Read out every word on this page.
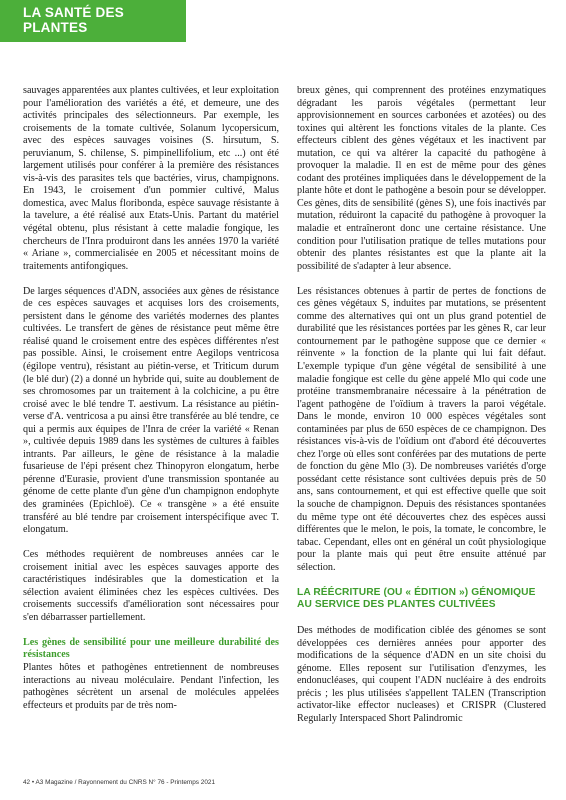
LA SANTÉ DES PLANTES

sauvages apparentées aux plantes cultivées, et leur exploitation pour l'amélioration des variétés a été, et demeure, une des activités principales des sélectionneurs. Par exemple, les croisements de la tomate cultivée, Solanum lycopersicum, avec des espèces sauvages voisines (S. hirsutum, S. peruvianum, S. chilense, S. pimpinellifolium, etc ...) ont été largement utilisés pour conférer à la première des résistances vis-à-vis des parasites tels que bactéries, virus, champignons. En 1943, le croisement d'un pommier cultivé, Malus domestica, avec Malus floribonda, espèce sauvage résistante à la tavelure, a été réalisé aux Etats-Unis. Partant du matériel végétal obtenu, plus résistant à cette maladie fongique, les chercheurs de l'Inra produiront dans les années 1970 la variété « Ariane », commercialisée en 2005 et nécessitant moins de traitements antifongiques.

De larges séquences d'ADN, associées aux gènes de résistance de ces espèces sauvages et acquises lors des croisements, persistent dans le génome des variétés modernes des plantes cultivées. Le transfert de gènes de résistance peut même être réalisé quand le croisement entre des espèces différentes n'est pas possible. Ainsi, le croisement entre Aegilops ventricosa (égilope ventru), résistant au piétin-verse, et Triticum durum (le blé dur) (2) a donné un hybride qui, suite au doublement de ses chromosomes par un traitement à la colchicine, a pu être croisé avec le blé tendre T. aestivum. La résistance au piétin-verse d'A. ventricosa a pu ainsi être transférée au blé tendre, ce qui a permis aux équipes de l'Inra de créer la variété « Renan », cultivée depuis 1989 dans les systèmes de cultures à faibles intrants. Par ailleurs, le gène de résistance à la maladie fusarieuse de l'épi présent chez Thinopyron elongatum, herbe pérenne d'Eurasie, provient d'une transmission spontanée au génome de cette plante d'un gène d'un champignon endophyte des graminées (Epichloë). Ce « transgène » a été ensuite transféré au blé tendre par croisement interspécifique avec T. elongatum.

Ces méthodes requièrent de nombreuses années car le croisement initial avec les espèces sauvages apporte des caractéristiques indésirables que la domestication et la sélection avaient éliminées chez les espèces cultivées. Des croisements successifs d'amélioration sont nécessaires pour s'en débarrasser partiellement.

Les gènes de sensibilité pour une meilleure durabilité des résistances

Plantes hôtes et pathogènes entretiennent de nombreuses interactions au niveau moléculaire. Pendant l'infection, les pathogènes sécrètent un arsenal de molécules appelées effecteurs et produits par de très nom-

breux gènes, qui comprennent des protéines enzymatiques dégradant les parois végétales (permettant leur approvisionnement en sources carbonées et azotées) ou des toxines qui altèrent les fonctions vitales de la plante. Ces effecteurs ciblent des gènes végétaux et les inactivent par mutation, ce qui va altérer la capacité du pathogène à provoquer la maladie. Il en est de même pour des gènes codant des protéines impliquées dans le développement de la plante hôte et dont le pathogène a besoin pour se développer. Ces gènes, dits de sensibilité (gènes S), une fois inactivés par mutation, réduiront la capacité du pathogène à provoquer la maladie et entraîneront donc une certaine résistance. Une condition pour l'utilisation pratique de telles mutations pour obtenir des plantes résistantes est que la plante ait la possibilité de s'adapter à leur absence.

Les résistances obtenues à partir de pertes de fonctions de ces gènes végétaux S, induites par mutations, se présentent comme des alternatives qui ont un plus grand potentiel de durabilité que les résistances portées par les gènes R, car leur contournement par le pathogène suppose que ce dernier « réinvente » la fonction de la plante qui lui fait défaut. L'exemple typique d'un gène végétal de sensibilité à une maladie fongique est celle du gène appelé Mlo qui code une protéine transmembranaire nécessaire à la pénétration de l'agent pathogène de l'oïdium à travers la paroi végétale. Dans le monde, environ 10 000 espèces végétales sont contaminées par plus de 650 espèces de ce champignon. Des résistances vis-à-vis de l'oïdium ont d'abord été découvertes chez l'orge où elles sont conférées par des mutations de perte de fonction du gène Mlo (3). De nombreuses variétés d'orge possédant cette résistance sont cultivées depuis près de 50 ans, sans contournement, et qui est effective quelle que soit la souche de champignon. Depuis des résistances spontanées du même type ont été découvertes chez des espèces aussi différentes que le melon, le pois, la tomate, le concombre, le tabac. Cependant, elles ont en général un coût physiologique pour la plante mais qui peut être ensuite atténué par sélection.

LA RÉÉCRITURE (OU « ÉDITION ») GÉNOMIQUE
AU SERVICE DES PLANTES CULTIVÉES

Des méthodes de modification ciblée des génomes se sont développées ces dernières années pour apporter des modifications de la séquence d'ADN en un site choisi du génome. Elles reposent sur l'utilisation d'enzymes, les endonucléases, qui coupent l'ADN nucléaire à des endroits précis ; les plus utilisées s'appellent TALEN (Transcription activator-like effector nucleases) et CRISPR (Clustered Regularly Interspaced Short Palindromic

42 • A3 Magazine / Rayonnement du CNRS N° 76 - Printemps 2021
